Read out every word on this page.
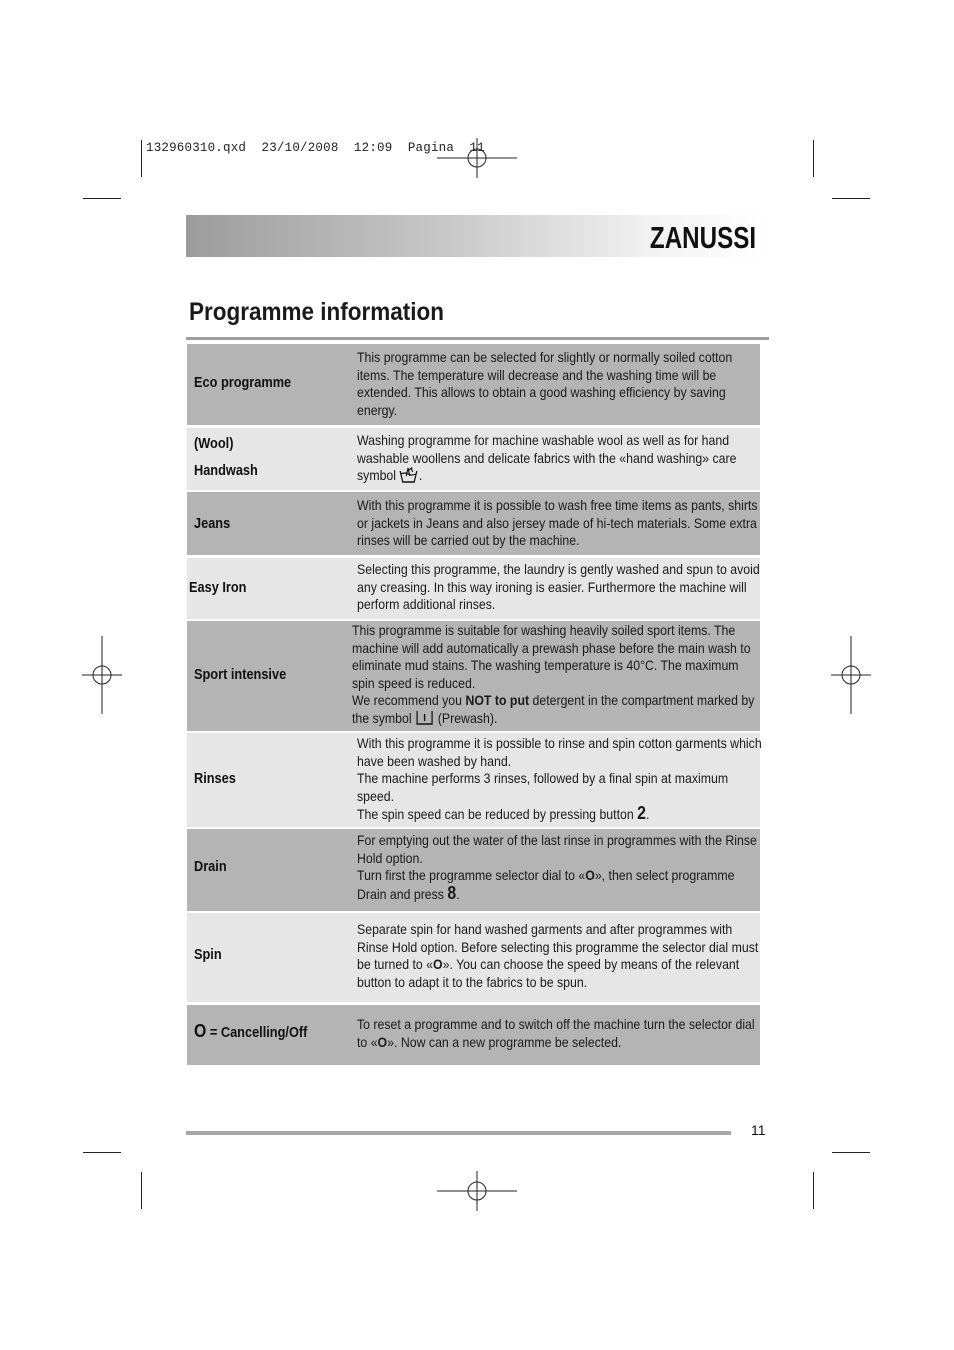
132960310.qxd  23/10/2008  12:09  Pagina  11
ZANUSSI
Programme information
Eco programme
This programme can be selected for slightly or normally soiled cotton items. The temperature will decrease and the washing time will be extended. This allows to obtain a good washing efficiency by saving energy.
(Wool)
Handwash
Washing programme for machine washable wool as well as for hand washable woollens and delicate fabrics with the «hand washing» care symbol .
Jeans
With this programme it is possible to wash free time items as pants, shirts or jackets in Jeans and also jersey made of hi-tech materials. Some extra rinses will be carried out by the machine.
Easy Iron
Selecting this programme, the laundry is gently washed and spun to avoid any creasing. In this way ironing is easier. Furthermore the machine will perform additional rinses.
Sport intensive

This programme is suitable for washing heavily soiled sport items. The machine will add automatically a prewash phase before the main wash to eliminate mud stains. The washing temperature is 40°C. The maximum spin speed is reduced.

We recommend you NOT to put detergent in the compartment marked by the symbol  (Prewash).

Rinses

With this programme it is possible to rinse and spin cotton garments which have been washed by hand.

The machine performs 3 rinses, followed by a final spin at maximum speed.

The spin speed can be reduced by pressing button 2.

Drain

For emptying out the water of the last rinse in programmes with the Rinse Hold option.

Turn first the programme selector dial to «O», then select programme Drain and press 8.

Spin
Separate spin for hand washed garments and after programmes with Rinse Hold option. Before selecting this programme the selector dial must be turned to «O». You can choose the speed by means of the relevant button to adapt it to the fabrics to be spun.
O = Cancelling/Off
To reset a programme and to switch off the machine turn the selector dial to «O». Now can a new programme be selected.
11
